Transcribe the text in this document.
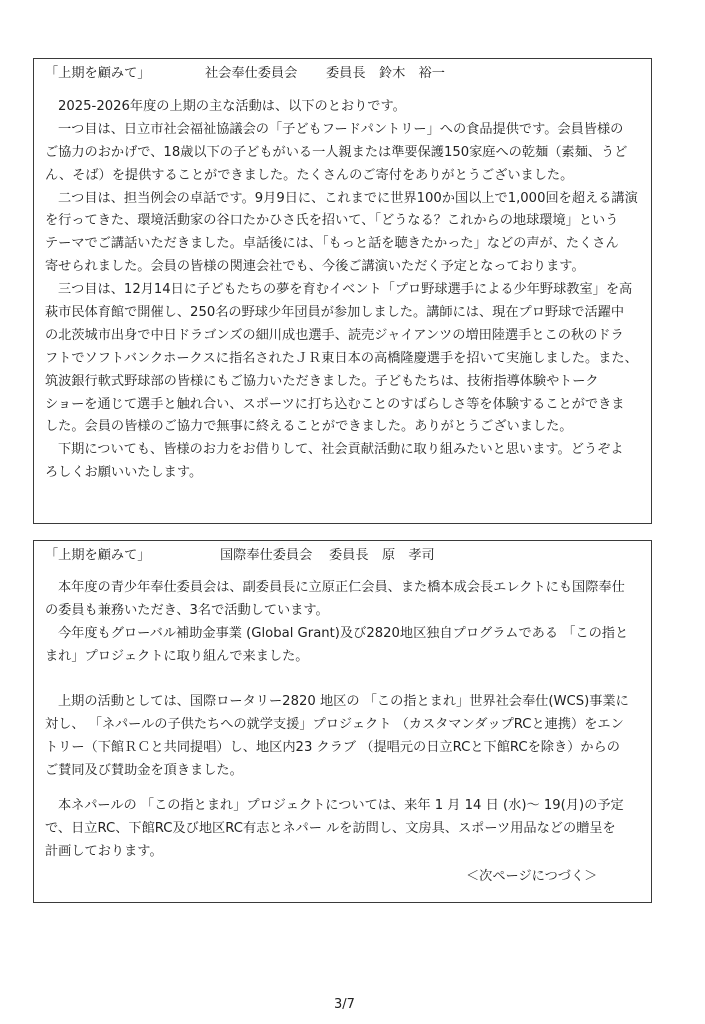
「上期を顧みて」	社会奉仕委員会 委員長 鈴木　裕一
2025-2026年度の上期の主な活動は、以下のとおりです。
一つ目は、日立市社会福祉協議会の「子どもフードパントリー」への食品提供です。会員皆様の
ご協力のおかげで、18歳以下の子どもがいる一人親または準要保護150家庭への乾麺（素麺、うど
ん、そば）を提供することができました。たくさんのご寄付をありがとうございました。
二つ目は、担当例会の卓話です。9月9日に、これまでに世界100か国以上で1,000回を超える講演
を行ってきた、環境活動家の谷口たかひさ氏を招いて、「どうなる？これからの地球環境」という
テーマでご講話いただきました。卓話後には、「もっと話を聴きたかった」などの声が、たくさん
寄せられました。会員の皆様の関連会社でも、今後ご講演いただく予定となっております。
三つ目は、12月14日に子どもたちの夢を育むイベント「プロ野球選手による少年野球教室」を高
萩市民体育館で開催し、250名の野球少年団員が参加しました。講師には、現在プロ野球で活躍中
の北茨城市出身で中日ドラゴンズの細川成也選手、読売ジャイアンツの増田陸選手とこの秋のドラ
フトでソフトバンクホークスに指名されたＪＲ東日本の高橋隆慶選手を招いて実施しました。また、
筑波銀行軟式野球部の皆様にもご協力いただきました。子どもたちは、技術指導体験やトーク
ショーを通じて選手と触れ合い、スポーツに打ち込むことのすばらしさ等を体験することができま
した。会員の皆様のご協力で無事に終えることができました。ありがとうございました。
下期についても、皆様のお力をお借りして、社会貢献活動に取り組みたいと思います。どうぞよ
ろしくお願いいたします。
「上期を顧みて」	国際奉仕委員会 委員長 原　孝司
本年度の青少年奉仕委員会は、副委員長に立原正仁会員、また橋本成会長エレクトにも国際奉仕
の委員も兼務いただき、3名で活動しています。
今年度もグローバル補助金事業 (Global Grant)及び2820地区独自プログラムである 「この指と
まれ」プロジェクトに取り組んで来ました。
上期の活動としては、国際ロータリー2820 地区の 「この指とまれ」世界社会奉仕(WCS)事業に
対し、 「ネパールの子供たちへの就学支援」プロジェクト （カスタマンダップRCと連携）をエン
トリー（下館ＲＣと共同提唱）し、地区内23 クラブ （提唱元の日立RCと下館RCを除き）からの
ご賛同及び賛助金を頂きました。
本ネパールの 「この指とまれ」プロジェクトについては、来年 1 月 14 日 (水)～ 19(月)の予定
で、日立RC、下館RC及び地区RC有志とネパー ルを訪問し、文房具、スポーツ用品などの贈呈を
計画しております。
＜次ページにつづく＞
3/7
